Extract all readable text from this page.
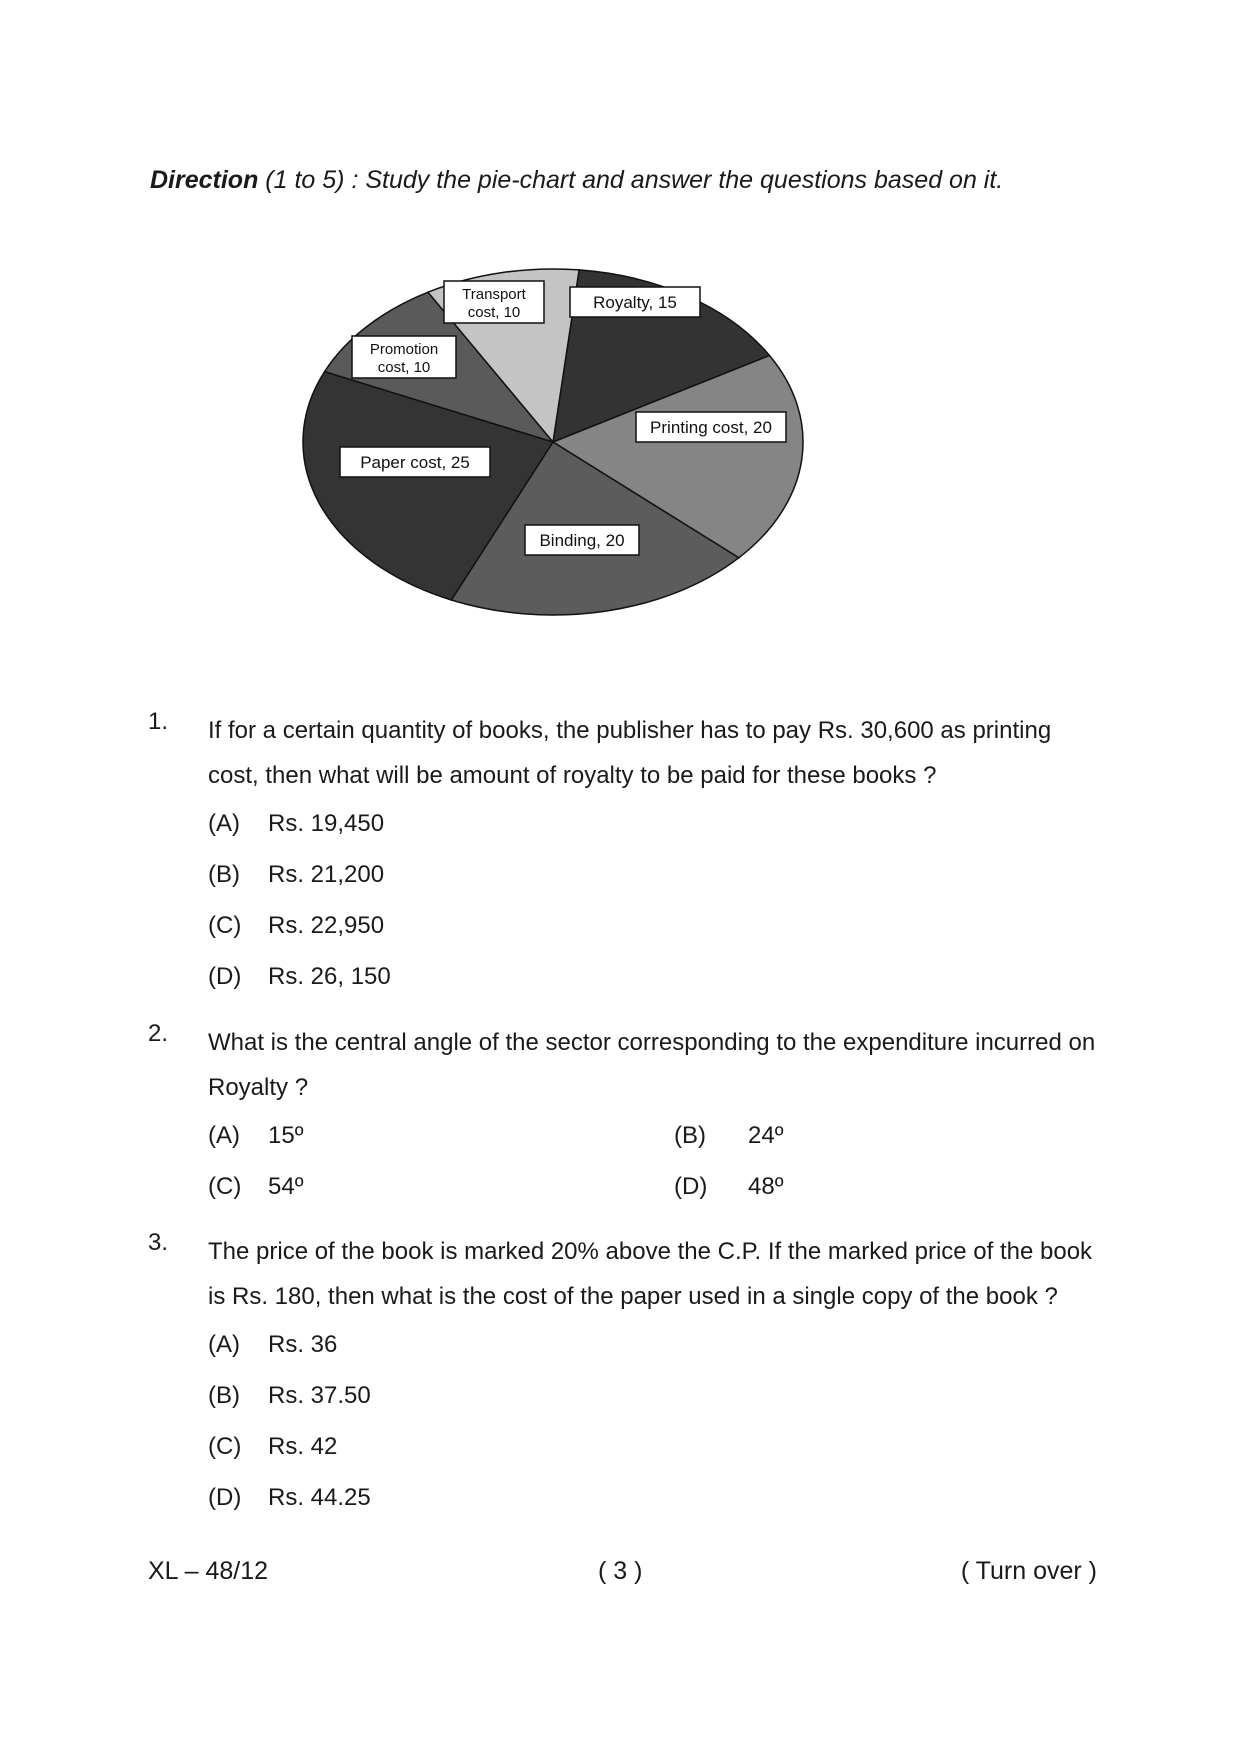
Direction (1 to 5) : Study the pie-chart and answer the questions based on it.
Royalty, 15
Printing cost, 20
Binding, 20
Paper cost, 25
Promotion cost, 10
Transport cost, 10
1. If for a certain quantity of books, the publisher has to pay Rs. 30,600 as printing cost, then what will be amount of royalty to be paid for these books ?
(A) Rs. 19,450
(B) Rs. 21,200
(C) Rs. 22,950
(D) Rs. 26, 150
2. What is the central angle of the sector corresponding to the expenditure incurred on Royalty ?
(A) 15º	(B) 24º
(C) 54º	(D) 48º
3. The price of the book is marked 20% above the C.P. If the marked price of the book is Rs. 180, then what is the cost of the paper used in a single copy of the book ?
(A) Rs. 36
(B) Rs. 37.50
(C) Rs. 42
(D) Rs. 44.25
XL – 48/12	( 3 )	( Turn over )
